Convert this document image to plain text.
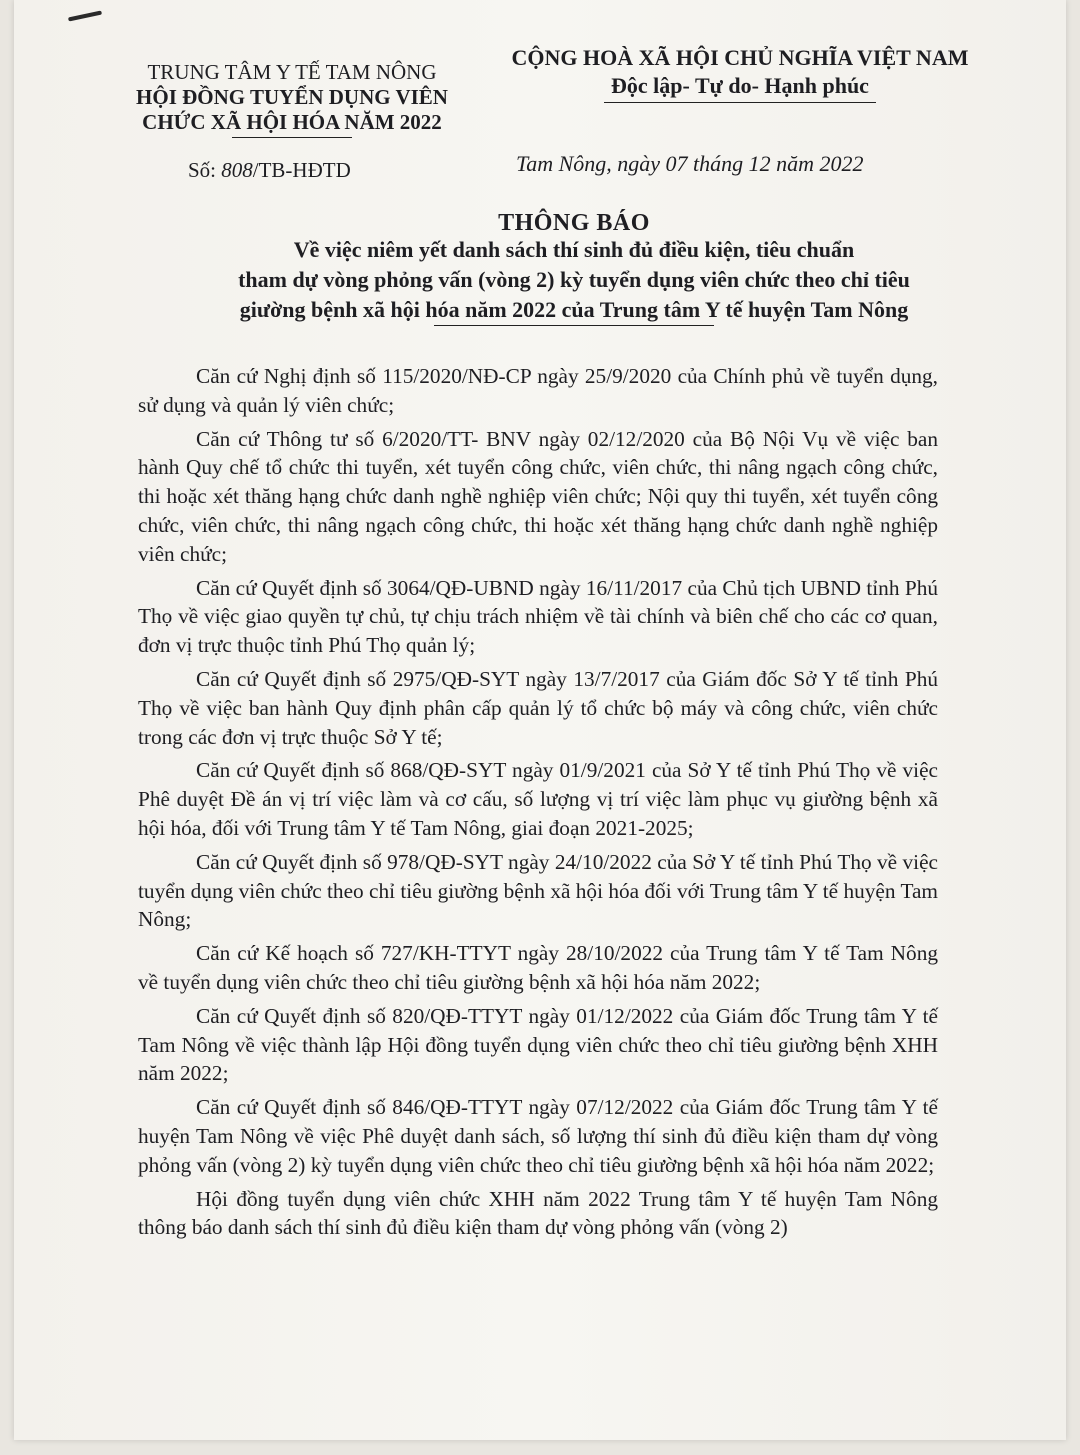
TRUNG TÂM Y TẾ TAM NÔNG
HỘI ĐỒNG TUYỂN DỤNG VIÊN
CHỨC XÃ HỘI HÓA NĂM 2022
CỘNG HOÀ XÃ HỘI CHỦ NGHĨA VIỆT NAM
Độc lập- Tự do- Hạnh phúc
Số: 808/TB-HĐTD	Tam Nông, ngày 07 tháng 12 năm 2022
THÔNG BÁO
Về việc niêm yết danh sách thí sinh đủ điều kiện, tiêu chuẩn
tham dự vòng phỏng vấn (vòng 2) kỳ tuyển dụng viên chức theo chỉ tiêu
giường bệnh xã hội hóa năm 2022 của Trung tâm Y tế huyện Tam Nông

Căn cứ Nghị định số 115/2020/NĐ-CP ngày 25/9/2020 của Chính phủ về tuyển dụng, sử dụng và quản lý viên chức;

Căn cứ Thông tư số 6/2020/TT- BNV ngày 02/12/2020 của Bộ Nội Vụ về việc ban hành Quy chế tổ chức thi tuyển, xét tuyển công chức, viên chức, thi nâng ngạch công chức, thi hoặc xét thăng hạng chức danh nghề nghiệp viên chức; Nội quy thi tuyển, xét tuyển công chức, viên chức, thi nâng ngạch công chức, thi hoặc xét thăng hạng chức danh nghề nghiệp viên chức;

Căn cứ Quyết định số 3064/QĐ-UBND ngày 16/11/2017 của Chủ tịch UBND tỉnh Phú Thọ về việc giao quyền tự chủ, tự chịu trách nhiệm về tài chính và biên chế cho các cơ quan, đơn vị trực thuộc tỉnh Phú Thọ quản lý;

Căn cứ Quyết định số 2975/QĐ-SYT ngày 13/7/2017 của Giám đốc Sở Y tế tỉnh Phú Thọ về việc ban hành Quy định phân cấp quản lý tổ chức bộ máy và công chức, viên chức trong các đơn vị trực thuộc Sở Y tế;

Căn cứ Quyết định số 868/QĐ-SYT ngày 01/9/2021 của Sở Y tế tỉnh Phú Thọ về việc Phê duyệt Đề án vị trí việc làm và cơ cấu, số lượng vị trí việc làm phục vụ giường bệnh xã hội hóa, đối với Trung tâm Y tế Tam Nông, giai đoạn 2021-2025;

Căn cứ Quyết định số 978/QĐ-SYT ngày 24/10/2022 của Sở Y tế tỉnh Phú Thọ về việc tuyển dụng viên chức theo chỉ tiêu giường bệnh xã hội hóa đối với Trung tâm Y tế huyện Tam Nông;

Căn cứ Kế hoạch số 727/KH-TTYT ngày 28/10/2022 của Trung tâm Y tế Tam Nông về tuyển dụng viên chức theo chỉ tiêu giường bệnh xã hội hóa năm 2022;

Căn cứ Quyết định số 820/QĐ-TTYT ngày 01/12/2022 của Giám đốc Trung tâm Y tế Tam Nông về việc thành lập Hội đồng tuyển dụng viên chức theo chỉ tiêu giường bệnh XHH năm 2022;

Căn cứ Quyết định số 846/QĐ-TTYT ngày 07/12/2022 của Giám đốc Trung tâm Y tế huyện Tam Nông về việc Phê duyệt danh sách, số lượng thí sinh đủ điều kiện tham dự vòng phỏng vấn (vòng 2) kỳ tuyển dụng viên chức theo chỉ tiêu giường bệnh xã hội hóa năm 2022;

Hội đồng tuyển dụng viên chức XHH năm 2022 Trung tâm Y tế huyện Tam Nông thông báo danh sách thí sinh đủ điều kiện tham dự vòng phỏng vấn (vòng 2)
